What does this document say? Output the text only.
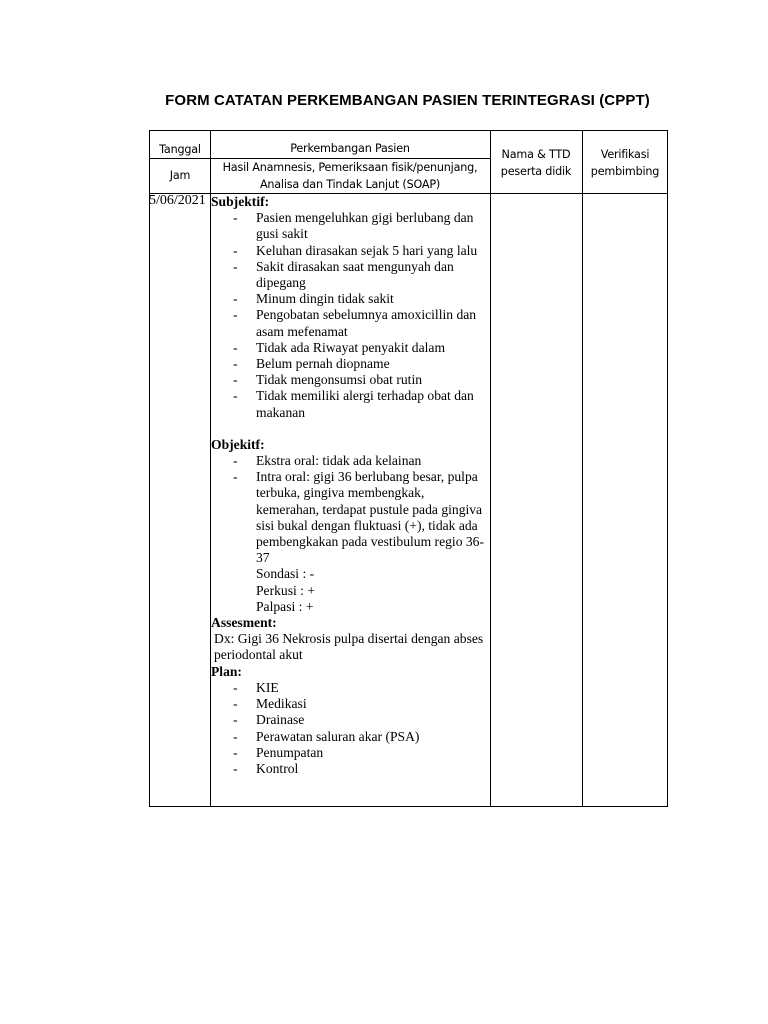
FORM CATATAN PERKEMBANGAN PASIEN TERINTEGRASI (CPPT)
Tanggal
Jam
Perkembangan Pasien
Hasil Anamnesis, Pemeriksaan fisik/penunjang,
Analisa dan Tindak Lanjut (SOAP)
Nama & TTD
peserta didik
Verifikasi
pembimbing
5/06/2021 Subjektif:
- Pasien mengeluhkan gigi berlubang dan gusi sakit
- Keluhan dirasakan sejak 5 hari yang lalu
- Sakit dirasakan saat mengunyah dan dipegang
- Minum dingin tidak sakit
- Pengobatan sebelumnya amoxicillin dan asam mefenamat
- Tidak ada Riwayat penyakit dalam
- Belum pernah diopname
- Tidak mengonsumsi obat rutin
- Tidak memiliki alergi terhadap obat dan makanan
Objekitf:
- Ekstra oral: tidak ada kelainan
- Intra oral: gigi 36 berlubang besar, pulpa terbuka, gingiva membengkak, kemerahan, terdapat pustule pada gingiva sisi bukal dengan fluktuasi (+), tidak ada pembengkakan pada vestibulum regio 36-37
Sondasi : -
Perkusi : +
Palpasi : +
Assesment:
Dx: Gigi 36 Nekrosis pulpa disertai dengan abses periodontal akut
Plan:
- KIE
- Medikasi
- Drainase
- Perawatan saluran akar (PSA)
- Penumpatan
- Kontrol
